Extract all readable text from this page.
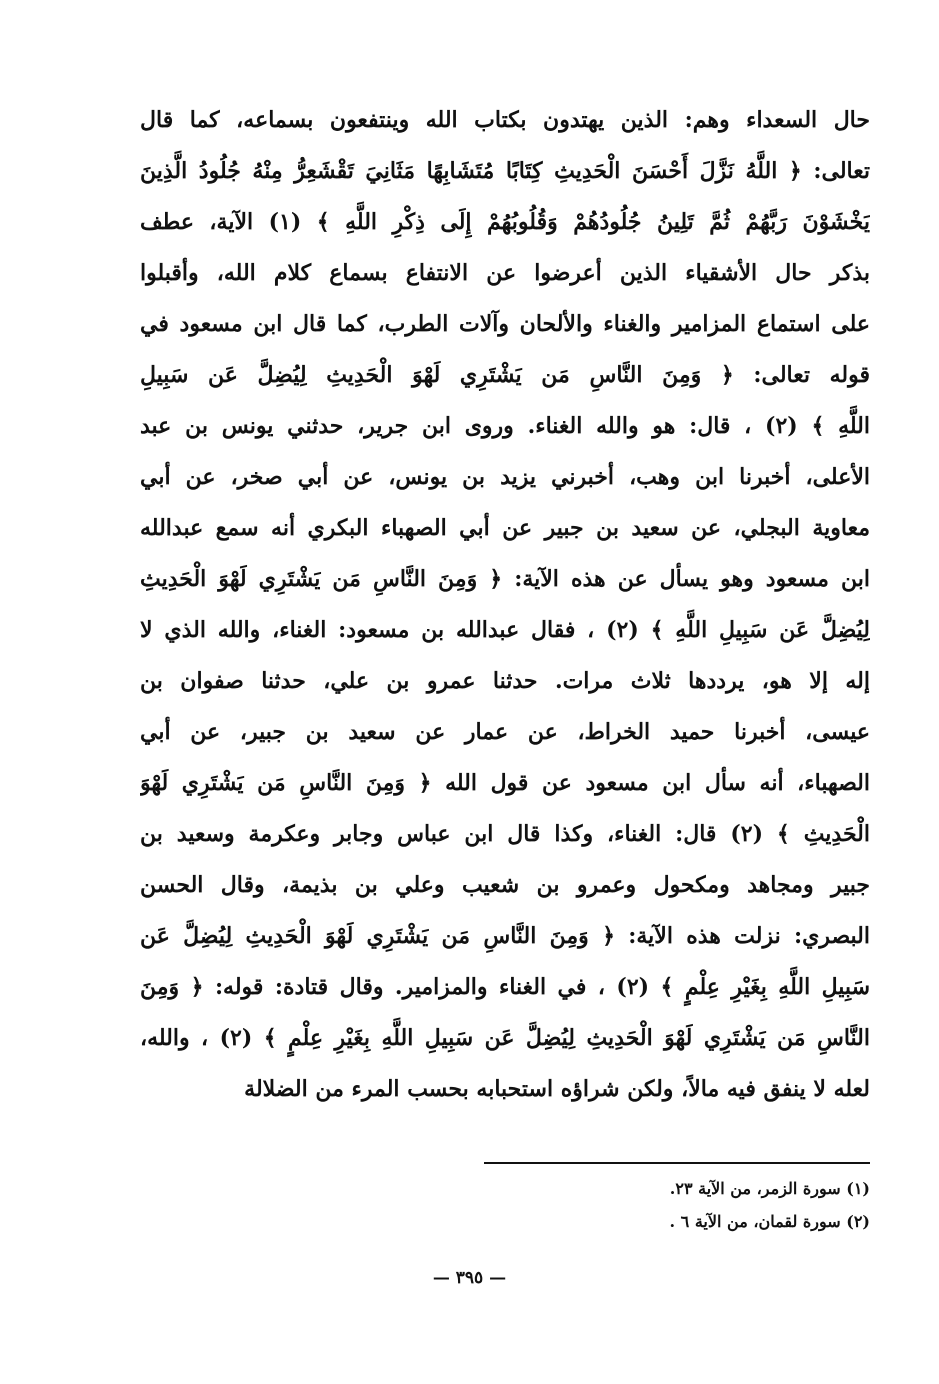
حال السعداء وهم: الذين يهتدون بكتاب الله وينتفعون بسماعه، كما قال
تعالى: ﴿ اللَّهُ نَزَّلَ أَحْسَنَ الْحَدِيثِ كِتَابًا مُتَشَابِهًا مَثَانِيَ تَقْشَعِرُّ مِنْهُ جُلُودُ الَّذِينَ
يَخْشَوْنَ رَبَّهُمْ ثُمَّ تَلِينُ جُلُودُهُمْ وَقُلُوبُهُمْ إِلَى ذِكْرِ اللَّهِ ﴾ (١) الآية، عطف
بذكر حال الأشقياء الذين أعرضوا عن الانتفاع بسماع كلام الله، وأقبلوا
على استماع المزامير والغناء والألحان وآلات الطرب، كما قال ابن مسعود في
قوله تعالى: ﴿ وَمِنَ النَّاسِ مَن يَشْتَرِي لَهْوَ الْحَدِيثِ لِيُضِلَّ عَن سَبِيلِ
اللَّهِ ﴾ (٢) ، قال: هو والله الغناء. وروى ابن جرير، حدثني يونس بن عبد
الأعلى، أخبرنا ابن وهب، أخبرني يزيد بن يونس، عن أبي صخر، عن أبي
معاوية البجلي، عن سعيد بن جبير عن أبي الصهباء البكري أنه سمع عبدالله
ابن مسعود وهو يسأل عن هذه الآية: ﴿ وَمِنَ النَّاسِ مَن يَشْتَرِي لَهْوَ الْحَدِيثِ
لِيُضِلَّ عَن سَبِيلِ اللَّهِ ﴾ (٢) ، فقال عبدالله بن مسعود: الغناء، والله الذي لا
إله إلا هو، يرددها ثلاث مرات. حدثنا عمرو بن علي، حدثنا صفوان بن
عيسى، أخبرنا حميد الخراط، عن عمار عن سعيد بن جبير، عن أبي
الصهباء، أنه سأل ابن مسعود عن قول الله ﴿ وَمِنَ النَّاسِ مَن يَشْتَرِي لَهْوَ
الْحَدِيثِ ﴾ (٢) قال: الغناء، وكذا قال ابن عباس وجابر وعكرمة وسعيد بن
جبير ومجاهد ومكحول وعمرو بن شعيب وعلي بن بذيمة، وقال الحسن
البصري: نزلت هذه الآية: ﴿ وَمِنَ النَّاسِ مَن يَشْتَرِي لَهْوَ الْحَدِيثِ لِيُضِلَّ عَن
سَبِيلِ اللَّهِ بِغَيْرِ عِلْمٍ ﴾ (٢) ، في الغناء والمزامير. وقال قتادة: قوله: ﴿ وَمِنَ
النَّاسِ مَن يَشْتَرِي لَهْوَ الْحَدِيثِ لِيُضِلَّ عَن سَبِيلِ اللَّهِ بِغَيْرِ عِلْمٍ ﴾ (٢) ، والله،
لعله لا ينفق فيه مالاً، ولكن شراؤه استحبابه بحسب المرء من الضلالة
(١) سورة الزمر، من الآية ٢٣.
(٢) سورة لقمان، من الآية ٦ .
— ٣٩٥ —
